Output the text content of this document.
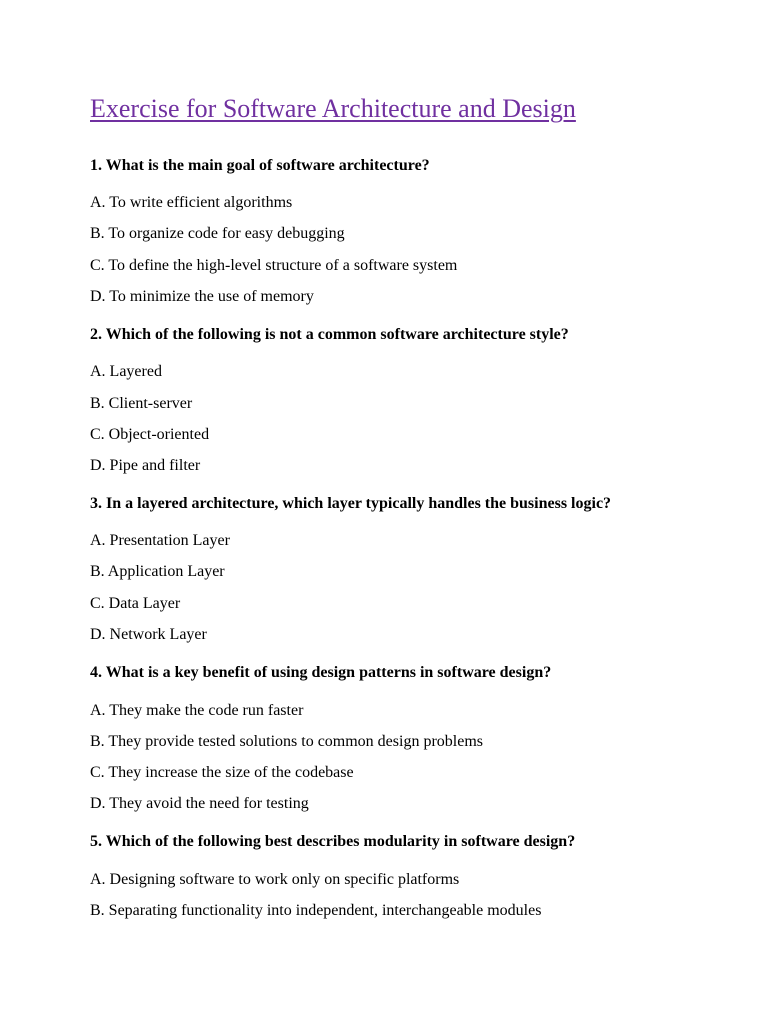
Exercise for Software Architecture and Design

1. What is the main goal of software architecture?

A. To write efficient algorithms

B. To organize code for easy debugging

C. To define the high-level structure of a software system

D. To minimize the use of memory

2. Which of the following is not a common software architecture style?

A. Layered

B. Client-server

C. Object-oriented

D. Pipe and filter

3. In a layered architecture, which layer typically handles the business logic?

A. Presentation Layer

B. Application Layer

C. Data Layer

D. Network Layer

4. What is a key benefit of using design patterns in software design?

A. They make the code run faster

B. They provide tested solutions to common design problems

C. They increase the size of the codebase

D. They avoid the need for testing

5. Which of the following best describes modularity in software design?

A. Designing software to work only on specific platforms

B. Separating functionality into independent, interchangeable modules
